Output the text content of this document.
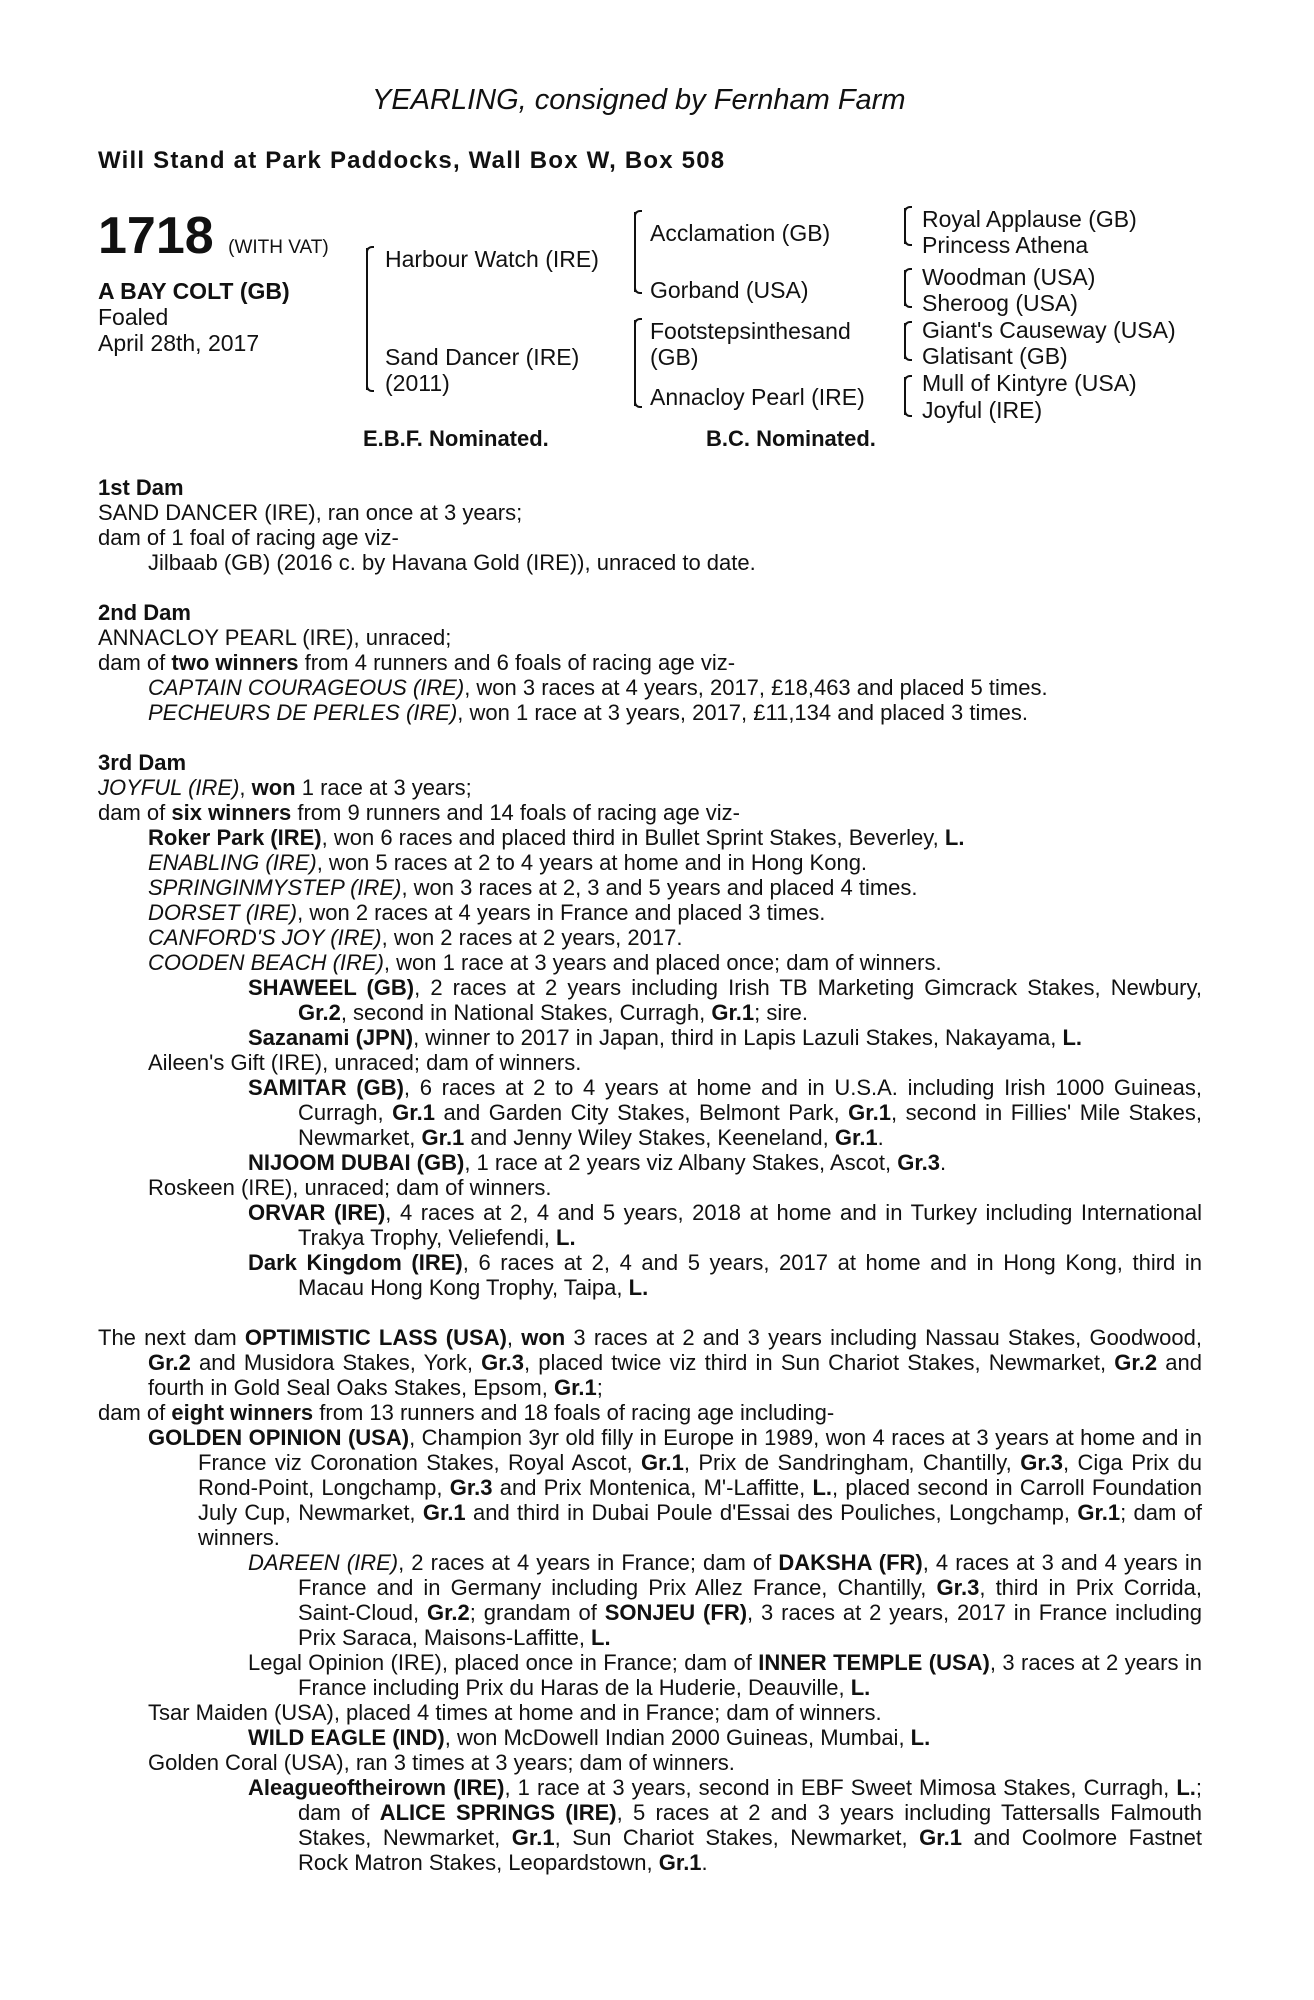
YEARLING, consigned by Fernham Farm
Will Stand at Park Paddocks, Wall Box W, Box 508
1718 (WITH VAT)
A BAY COLT (GB)
Foaled
April 28th, 2017
Harbour Watch (IRE)
Sand Dancer (IRE)
(2011)
Acclamation (GB)
Gorband (USA)
Footstepsinthesand
(GB)
Annacloy Pearl (IRE)
Royal Applause (GB)
Princess Athena
Woodman (USA)
Sheroog (USA)
Giant's Causeway (USA)
Glatisant (GB)
Mull of Kintyre (USA)
Joyful (IRE)
E.B.F. Nominated.	B.C. Nominated.

1st Dam

SAND DANCER (IRE), ran once at 3 years;

dam of 1 foal of racing age viz-

Jilbaab (GB) (2016 c. by Havana Gold (IRE)), unraced to date.

2nd Dam

ANNACLOY PEARL (IRE), unraced;

dam of two winners from 4 runners and 6 foals of racing age viz-

CAPTAIN COURAGEOUS (IRE), won 3 races at 4 years, 2017, £18,463 and placed 5 times.

PECHEURS DE PERLES (IRE), won 1 race at 3 years, 2017, £11,134 and placed 3 times.

3rd Dam

JOYFUL (IRE), won 1 race at 3 years;

dam of six winners from 9 runners and 14 foals of racing age viz-

Roker Park (IRE), won 6 races and placed third in Bullet Sprint Stakes, Beverley, L.

ENABLING (IRE), won 5 races at 2 to 4 years at home and in Hong Kong.

SPRINGINMYSTEP (IRE), won 3 races at 2, 3 and 5 years and placed 4 times.

DORSET (IRE), won 2 races at 4 years in France and placed 3 times.

CANFORD'S JOY (IRE), won 2 races at 2 years, 2017.

COODEN BEACH (IRE), won 1 race at 3 years and placed once; dam of winners.

SHAWEEL (GB), 2 races at 2 years including Irish TB Marketing Gimcrack Stakes, Newbury, Gr.2, second in National Stakes, Curragh, Gr.1; sire.

Sazanami (JPN), winner to 2017 in Japan, third in Lapis Lazuli Stakes, Nakayama, L.

Aileen's Gift (IRE), unraced; dam of winners.

SAMITAR (GB), 6 races at 2 to 4 years at home and in U.S.A. including Irish 1000 Guineas, Curragh, Gr.1 and Garden City Stakes, Belmont Park, Gr.1, second in Fillies' Mile Stakes, Newmarket, Gr.1 and Jenny Wiley Stakes, Keeneland, Gr.1.

NIJOOM DUBAI (GB), 1 race at 2 years viz Albany Stakes, Ascot, Gr.3.

Roskeen (IRE), unraced; dam of winners.

ORVAR (IRE), 4 races at 2, 4 and 5 years, 2018 at home and in Turkey including International Trakya Trophy, Veliefendi, L.

Dark Kingdom (IRE), 6 races at 2, 4 and 5 years, 2017 at home and in Hong Kong, third in Macau Hong Kong Trophy, Taipa, L.

The next dam OPTIMISTIC LASS (USA), won 3 races at 2 and 3 years including Nassau Stakes, Goodwood, Gr.2 and Musidora Stakes, York, Gr.3, placed twice viz third in Sun Chariot Stakes, Newmarket, Gr.2 and fourth in Gold Seal Oaks Stakes, Epsom, Gr.1;

dam of eight winners from 13 runners and 18 foals of racing age including-

GOLDEN OPINION (USA), Champion 3yr old filly in Europe in 1989, won 4 races at 3 years at home and in France viz Coronation Stakes, Royal Ascot, Gr.1, Prix de Sandringham, Chantilly, Gr.3, Ciga Prix du Rond-Point, Longchamp, Gr.3 and Prix Montenica, M'-Laffitte, L., placed second in Carroll Foundation July Cup, Newmarket, Gr.1 and third in Dubai Poule d'Essai des Pouliches, Longchamp, Gr.1; dam of winners.

DAREEN (IRE), 2 races at 4 years in France; dam of DAKSHA (FR), 4 races at 3 and 4 years in France and in Germany including Prix Allez France, Chantilly, Gr.3, third in Prix Corrida, Saint-Cloud, Gr.2; grandam of SONJEU (FR), 3 races at 2 years, 2017 in France including Prix Saraca, Maisons-Laffitte, L.

Legal Opinion (IRE), placed once in France; dam of INNER TEMPLE (USA), 3 races at 2 years in France including Prix du Haras de la Huderie, Deauville, L.

Tsar Maiden (USA), placed 4 times at home and in France; dam of winners.

WILD EAGLE (IND), won McDowell Indian 2000 Guineas, Mumbai, L.

Golden Coral (USA), ran 3 times at 3 years; dam of winners.

Aleagueoftheirown (IRE), 1 race at 3 years, second in EBF Sweet Mimosa Stakes, Curragh, L.; dam of ALICE SPRINGS (IRE), 5 races at 2 and 3 years including Tattersalls Falmouth Stakes, Newmarket, Gr.1, Sun Chariot Stakes, Newmarket, Gr.1 and Coolmore Fastnet Rock Matron Stakes, Leopardstown, Gr.1.
